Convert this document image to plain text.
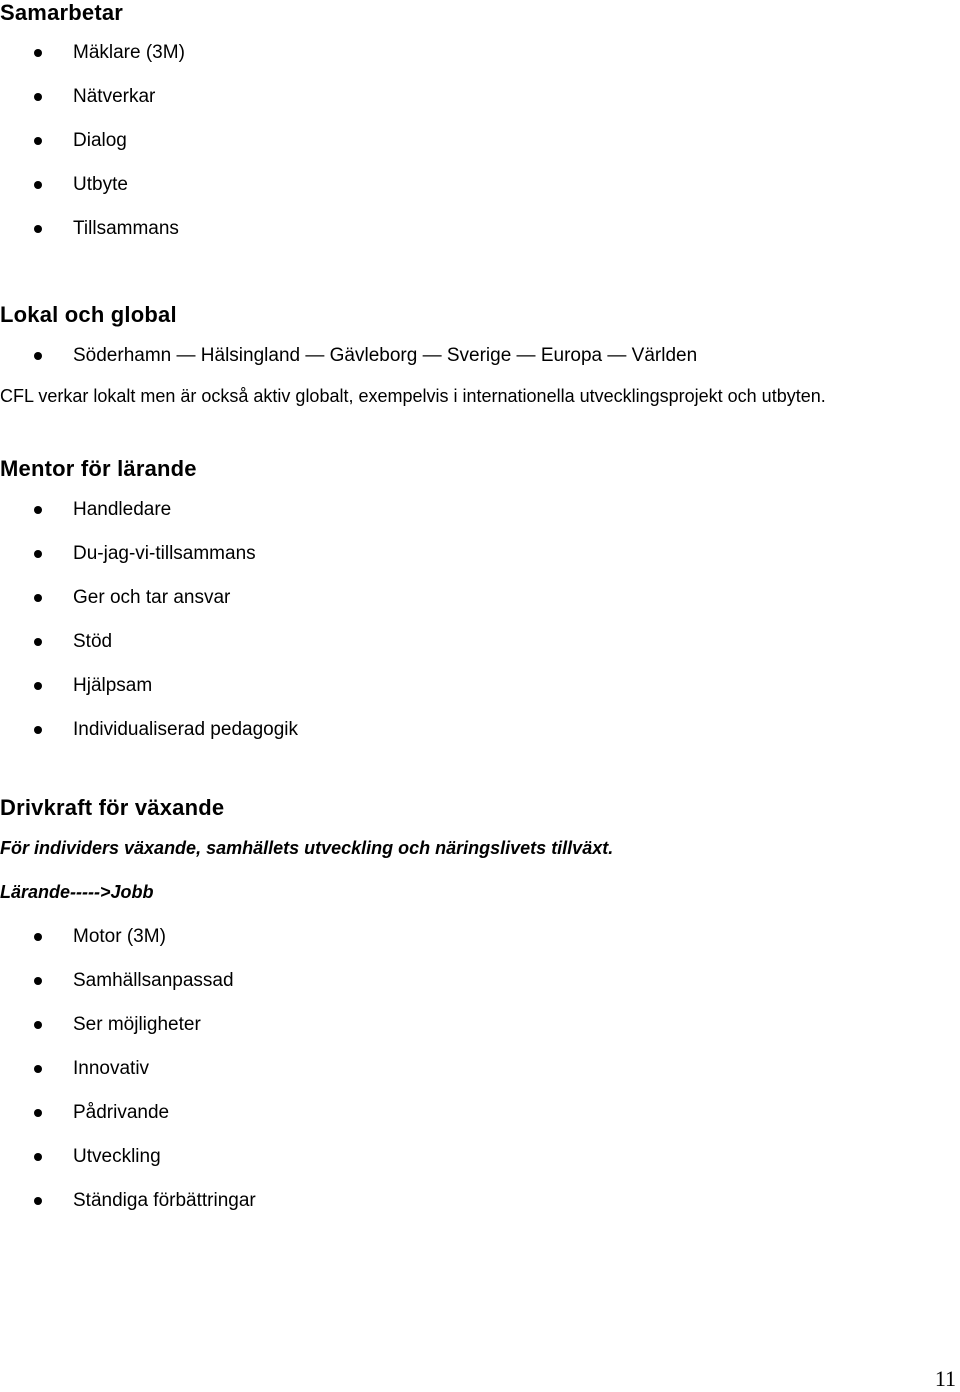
Samarbetar
Mäklare (3M)
Nätverkar
Dialog
Utbyte
Tillsammans
Lokal och global
Söderhamn — Hälsingland — Gävleborg — Sverige — Europa — Världen

CFL verkar lokalt men är också aktiv globalt, exempelvis i internationella utvecklingsprojekt och utbyten.

Mentor för lärande
Handledare
Du-jag-vi-tillsammans
Ger och tar ansvar
Stöd
Hjälpsam
Individualiserad pedagogik
Drivkraft för växande

För individers växande, samhällets utveckling och näringslivets tillväxt.

Lärande----->Jobb

Motor (3M)
Samhällsanpassad
Ser möjligheter
Innovativ
Pådrivande
Utveckling
Ständiga förbättringar
11
